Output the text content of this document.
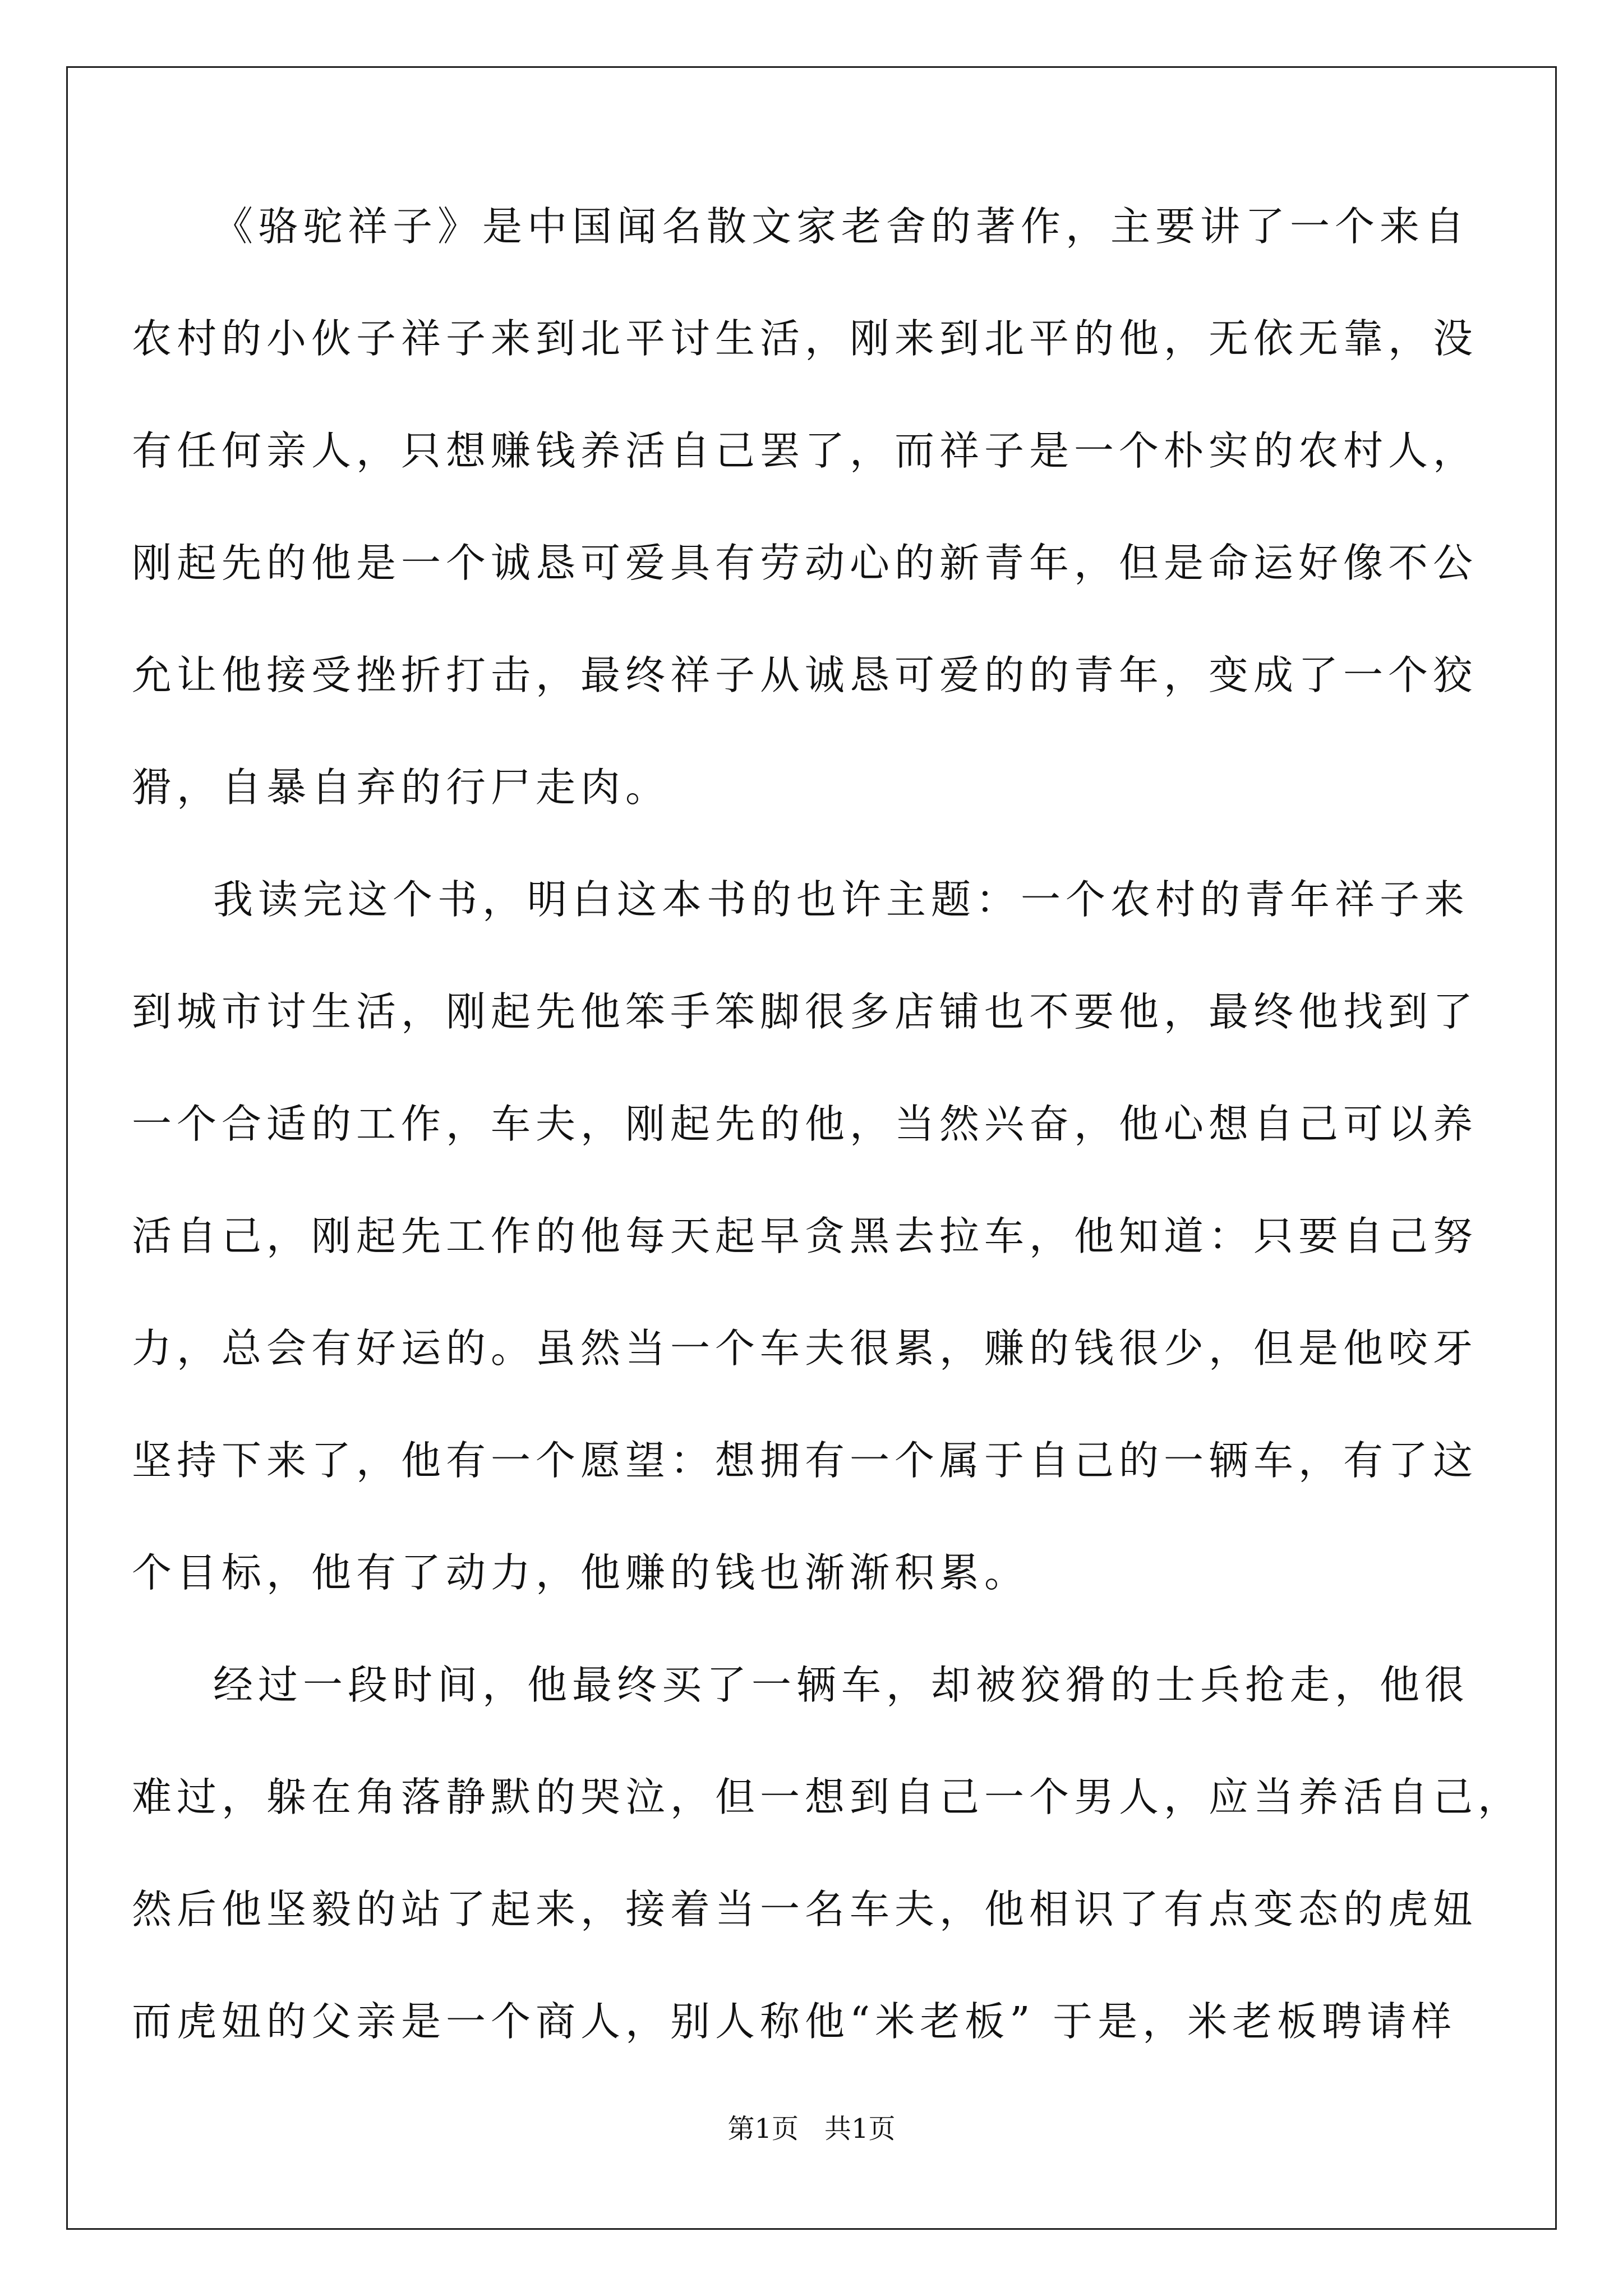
《骆驼祥子》是中国闻名散文家老舍的著作，主要讲了一个来自
农村的小伙子祥子来到北平讨生活，刚来到北平的他，无依无靠，没
有任何亲人，只想赚钱养活自己罢了，而祥子是一个朴实的农村人，
刚起先的他是一个诚恳可爱具有劳动心的新青年，但是命运好像不公
允让他接受挫折打击，最终祥子从诚恳可爱的的青年，变成了一个狡
猾，自暴自弃的行尸走肉。
我读完这个书，明白这本书的也许主题：一个农村的青年祥子来
到城市讨生活，刚起先他笨手笨脚很多店铺也不要他，最终他找到了
一个合适的工作，车夫，刚起先的他，当然兴奋，他心想自己可以养
活自己，刚起先工作的他每天起早贪黑去拉车，他知道：只要自己努
力，总会有好运的。虽然当一个车夫很累，赚的钱很少，但是他咬牙
坚持下来了，他有一个愿望：想拥有一个属于自己的一辆车，有了这
个目标，他有了动力，他赚的钱也渐渐积累。
经过一段时间，他最终买了一辆车，却被狡猾的士兵抢走，他很
难过，躲在角落静默的哭泣，但一想到自己一个男人，应当养活自己，
然后他坚毅的站了起来，接着当一名车夫，他相识了有点变态的虎妞
而虎妞的父亲是一个商人，别人称他“米老板” 于是，米老板聘请样
第1页 共1页
